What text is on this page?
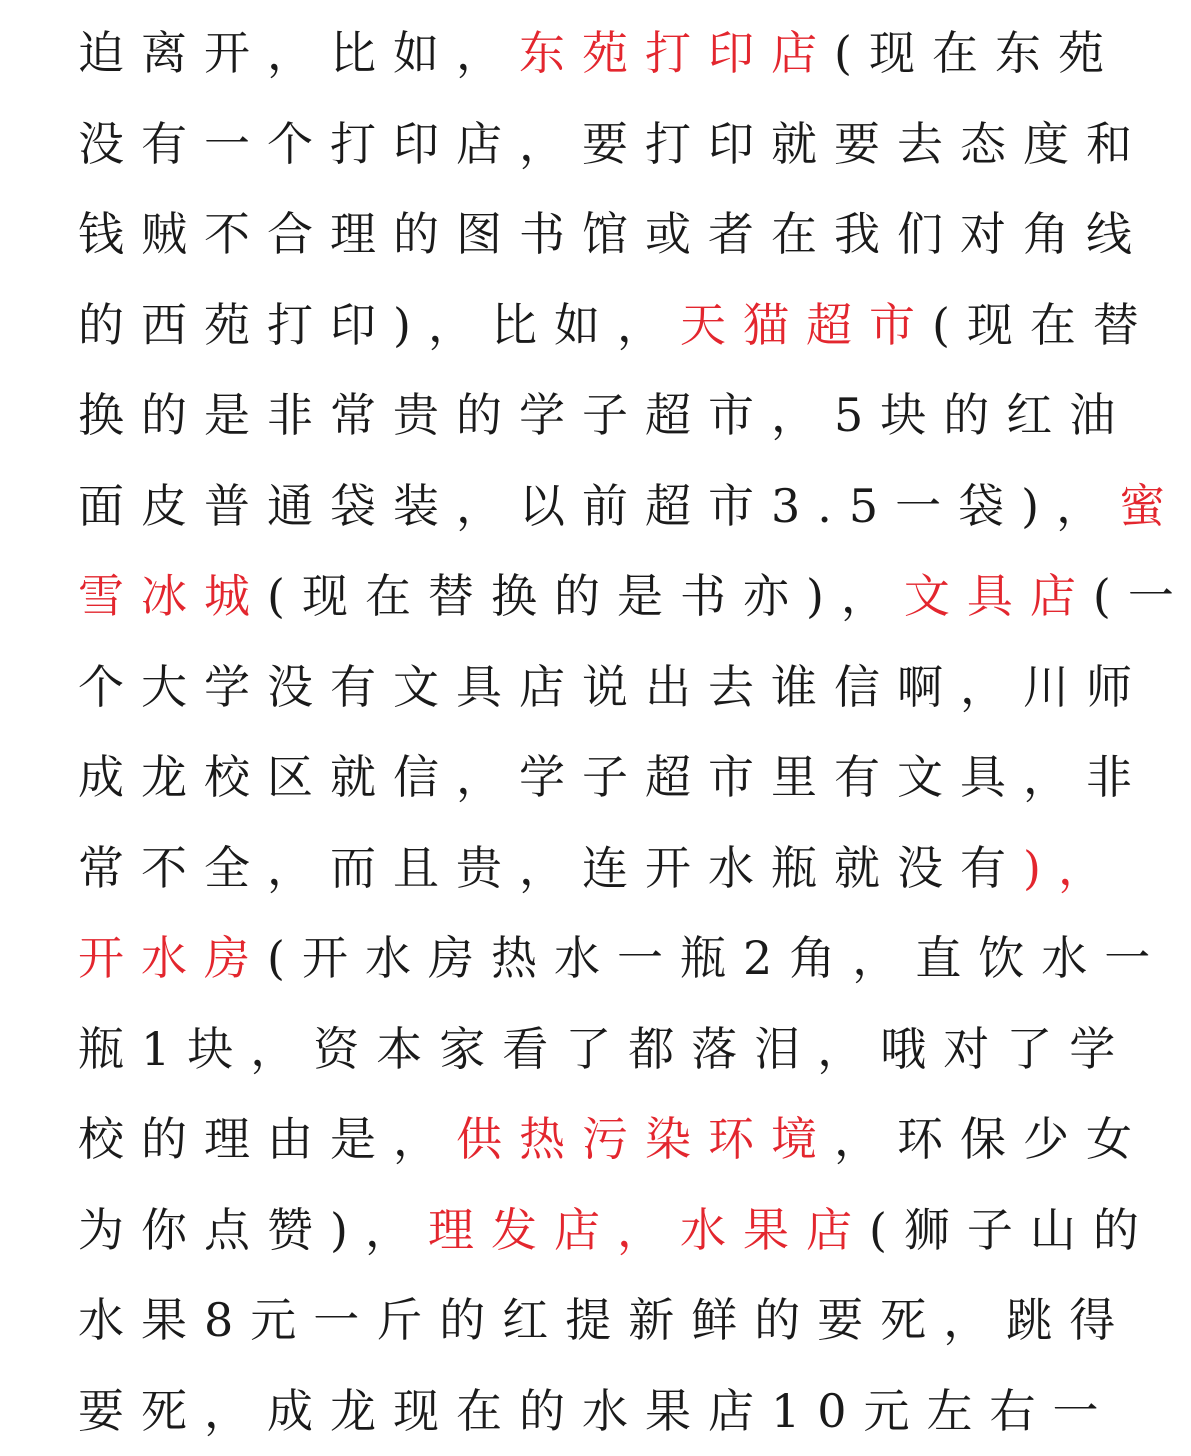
迫离开，比如，东苑打印店(现在东苑
没有一个打印店，要打印就要去态度和
钱贼不合理的图书馆或者在我们对角线
的西苑打印)，比如，天猫超市(现在替
换的是非常贵的学子超市，5块的红油
面皮普通袋装，以前超市3.5一袋)，蜜
雪冰城(现在替换的是书亦)，文具店(一
个大学没有文具店说出去谁信啊，川师
成龙校区就信，学子超市里有文具，非
常不全，而且贵，连开水瓶就没有)，
开水房(开水房热水一瓶2角，直饮水一
瓶1块，资本家看了都落泪，哦对了学
校的理由是，供热污染环境，环保少女
为你点赞)，理发店，水果店(狮子山的
水果8元一斤的红提新鲜的要死，跳得
要死，成龙现在的水果店10元左右一
